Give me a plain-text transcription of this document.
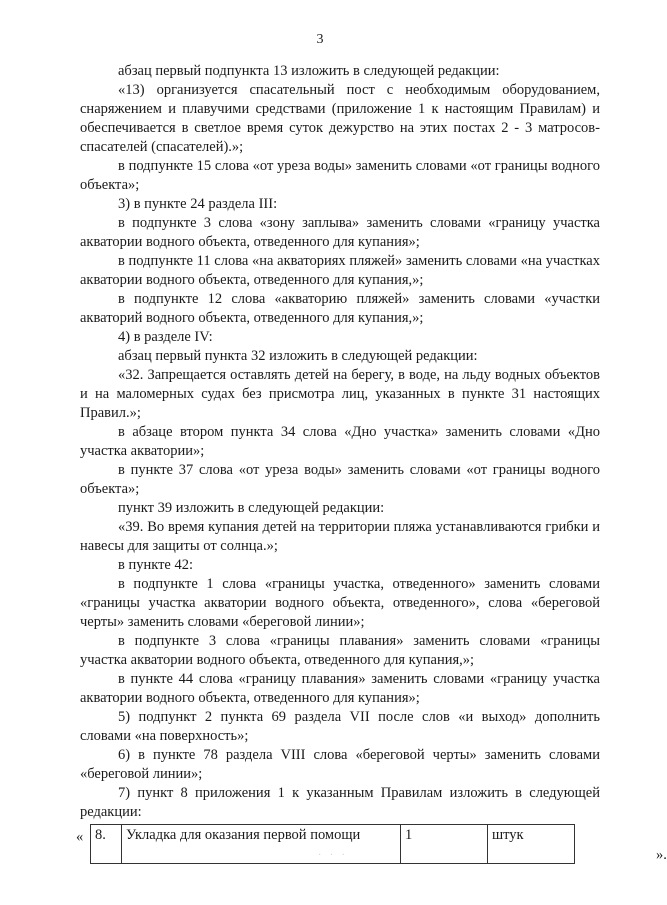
3

абзац первый подпункта 13 изложить в следующей редакции:

«13) организуется спасательный пост с необходимым оборудованием, снаряжением и плавучими средствами (приложение 1 к настоящим Правилам) и обеспечивается в светлое время суток дежурство на этих постах 2 - 3 матросов-спасателей (спасателей).»;

в подпункте 15 слова «от уреза воды» заменить словами «от границы водного объекта»;

3) в пункте 24 раздела III:

в подпункте 3 слова «зону заплыва» заменить словами «границу участка акватории водного объекта, отведенного для купания»;

в подпункте 11 слова «на акваториях пляжей» заменить словами «на участках акватории водного объекта, отведенного для купания,»;

в подпункте 12 слова «акваторию пляжей» заменить словами «участки акваторий водного объекта, отведенного для купания,»;

4) в разделе IV:

абзац первый пункта 32 изложить в следующей редакции:

«32. Запрещается оставлять детей на берегу, в воде, на льду водных объектов и на маломерных судах без присмотра лиц, указанных в пункте 31 настоящих Правил.»;

в абзаце втором пункта 34 слова «Дно участка» заменить словами «Дно участка акватории»;

в пункте 37 слова «от уреза воды» заменить словами «от границы водного объекта»;

пункт 39 изложить в следующей редакции:

«39. Во время купания детей на территории пляжа устанавливаются грибки и навесы для защиты от солнца.»;

в пункте 42:

в подпункте 1 слова «границы участка, отведенного» заменить словами «границы участка акватории водного объекта, отведенного», слова «береговой черты» заменить словами «береговой линии»;

в подпункте 3 слова «границы плавания» заменить словами «границы участка акватории водного объекта, отведенного для купания,»;

в пункте 44 слова «границу плавания» заменить словами «границу участка акватории водного объекта, отведенного для купания»;

5) подпункт 2 пункта 69 раздела VII после слов «и выход» дополнить словами «на поверхность»;

6) в пункте 78 раздела VIII слова «береговой черты» заменить словами «береговой линии»;

7) пункт 8 приложения 1 к указанным Правилам изложить в следующей редакции:

« 8.	Укладка для оказания первой помощи	1	штук
».
· · ·
